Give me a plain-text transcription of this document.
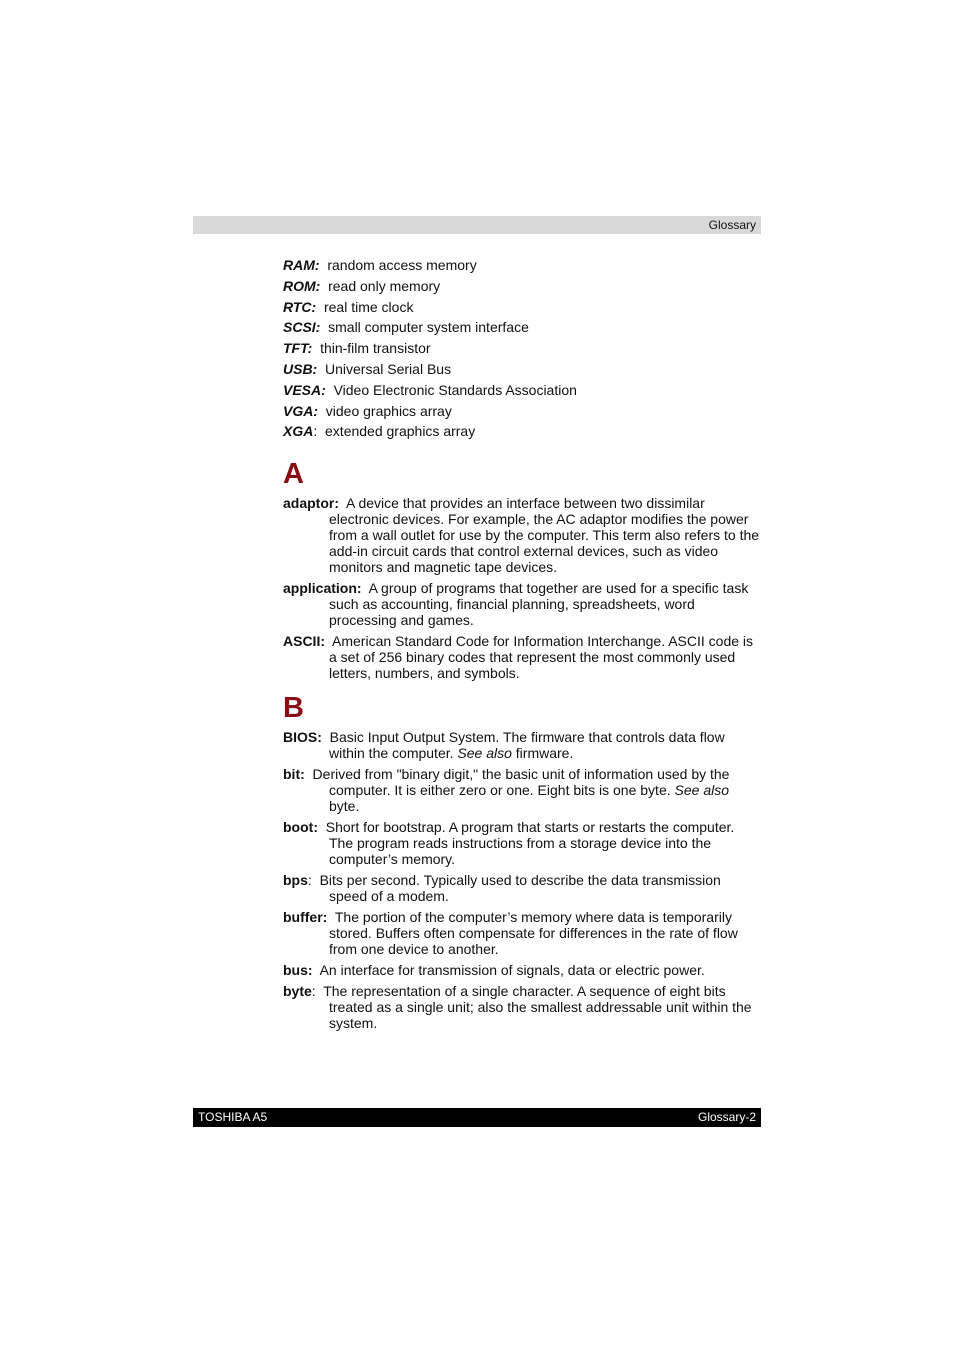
Glossary
RAM: random access memory
ROM: read only memory
RTC: real time clock
SCSI: small computer system interface
TFT: thin-film transistor
USB: Universal Serial Bus
VESA: Video Electronic Standards Association
VGA: video graphics array
XGA: extended graphics array
A
adaptor: A device that provides an interface between two dissimilar electronic devices. For example, the AC adaptor modifies the power from a wall outlet for use by the computer. This term also refers to the add-in circuit cards that control external devices, such as video monitors and magnetic tape devices.
application: A group of programs that together are used for a specific task such as accounting, financial planning, spreadsheets, word processing and games.
ASCII: American Standard Code for Information Interchange. ASCII code is a set of 256 binary codes that represent the most commonly used letters, numbers, and symbols.
B
BIOS: Basic Input Output System. The firmware that controls data flow within the computer. See also firmware.
bit: Derived from "binary digit," the basic unit of information used by the computer. It is either zero or one. Eight bits is one byte. See also byte.
boot: Short for bootstrap. A program that starts or restarts the computer. The program reads instructions from a storage device into the computer’s memory.
bps: Bits per second. Typically used to describe the data transmission speed of a modem.
buffer: The portion of the computer’s memory where data is temporarily stored. Buffers often compensate for differences in the rate of flow from one device to another.
bus: An interface for transmission of signals, data or electric power.
byte: The representation of a single character. A sequence of eight bits treated as a single unit; also the smallest addressable unit within the system.
TOSHIBA A5	Glossary-2
